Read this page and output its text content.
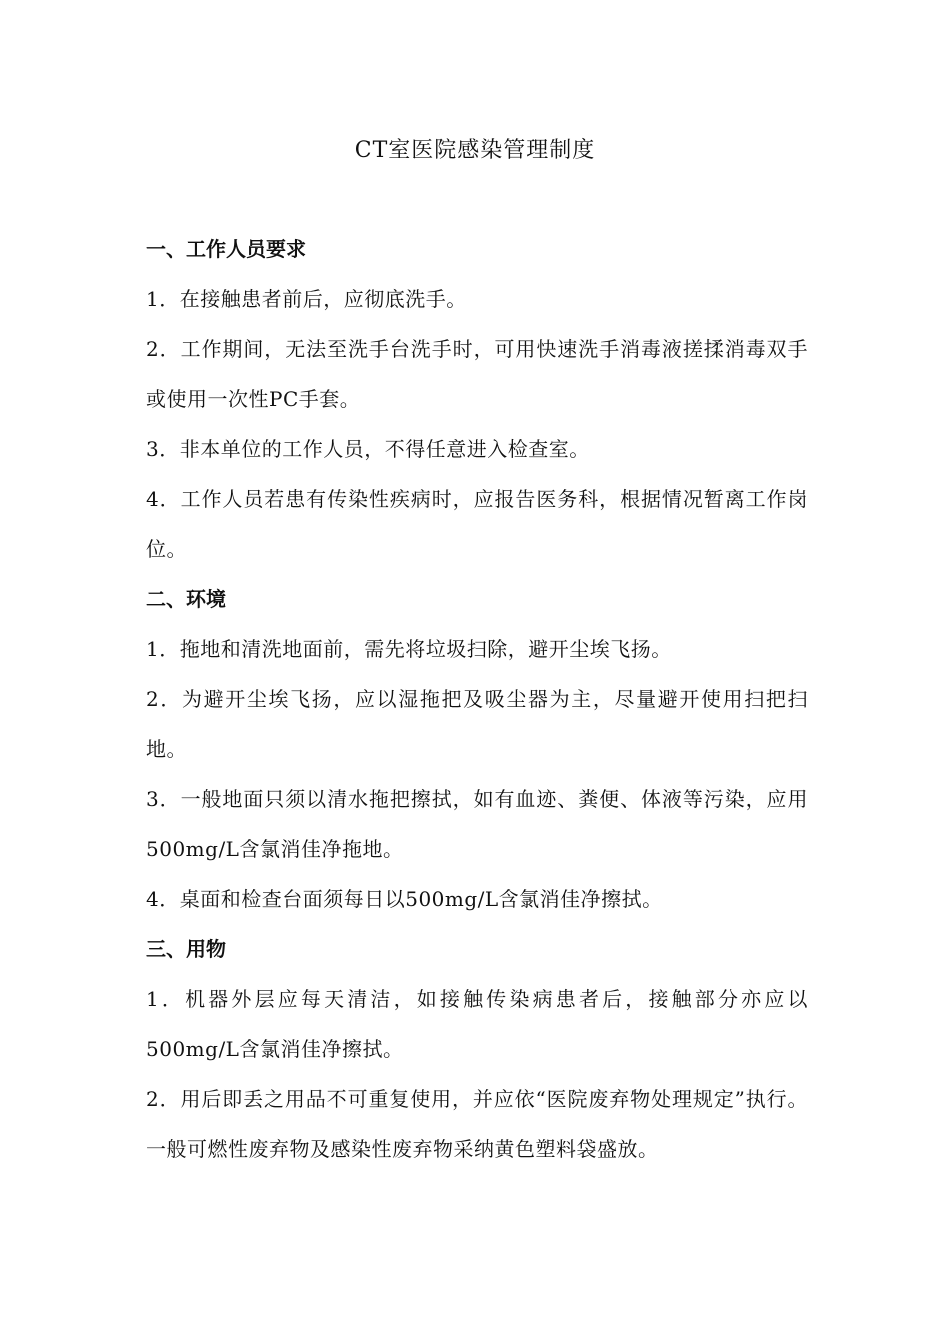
CT室医院感染管理制度
一、工作人员要求

1．在接触患者前后，应彻底洗手。

2．工作期间，无法至洗手台洗手时，可用快速洗手消毒液搓揉消毒双手或使用一次性PC手套。

3．非本单位的工作人员，不得任意进入检查室。

4．工作人员若患有传染性疾病时，应报告医务科，根据情况暂离工作岗位。

二、环境

1．拖地和清洗地面前，需先将垃圾扫除，避开尘埃飞扬。

2．为避开尘埃飞扬，应以湿拖把及吸尘器为主，尽量避开使用扫把扫地。

3．一般地面只须以清水拖把擦拭，如有血迹、粪便、体液等污染，应用500mg/L含氯消佳净拖地。

4．桌面和检查台面须每日以500mg/L含氯消佳净擦拭。

三、用物

1．机器外层应每天清洁，如接触传染病患者后，接触部分亦应以500mg/L含氯消佳净擦拭。

2．用后即丢之用品不可重复使用，并应依“医院废弃物处理规定”执行。一般可燃性废弃物及感染性废弃物采纳黄色塑料袋盛放。
